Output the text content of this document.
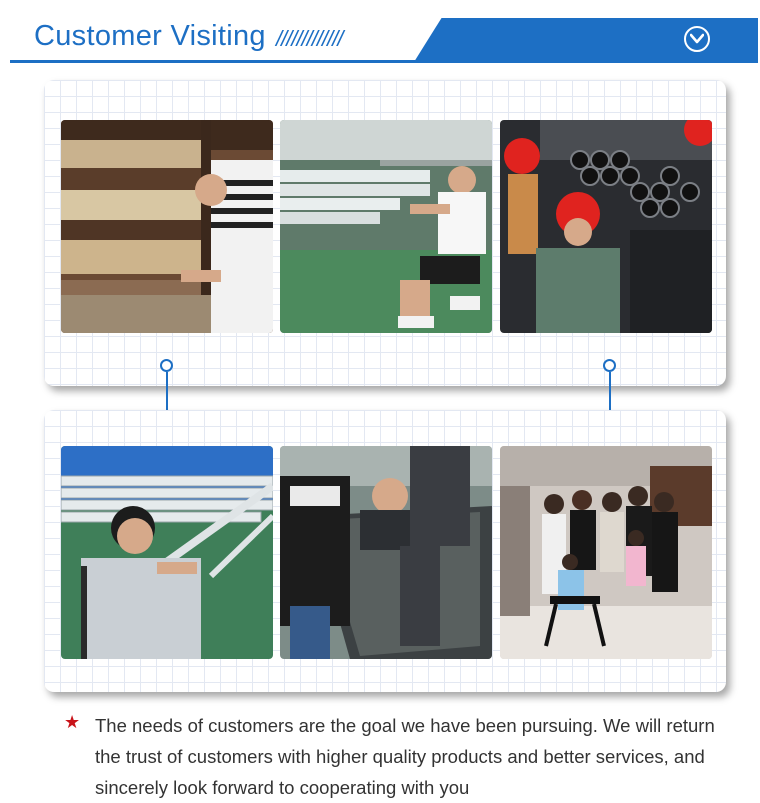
Customer Visiting /////////////
★ The needs of customers are the goal we have been pursuing. We will return the trust of customers with higher quality products and better services, and sincerely look forward to cooperating with you
